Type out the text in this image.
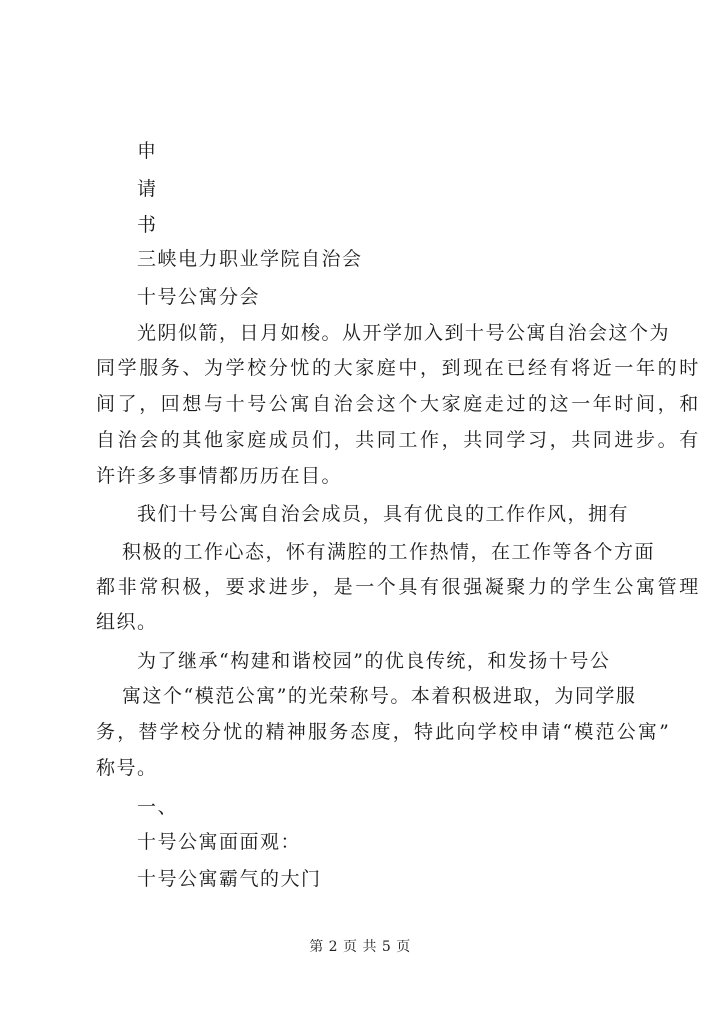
申
请
书
三峡电力职业学院自治会
十号公寓分会
光阴似箭，日月如梭。从开学加入到十号公寓自治会这个为
同学服务、为学校分忧的大家庭中，到现在已经有将近一年的时
间了，回想与十号公寓自治会这个大家庭走过的这一年时间，和
自治会的其他家庭成员们，共同工作，共同学习，共同进步。有
许许多多事情都历历在目。
我们十号公寓自治会成员，具有优良的工作作风，拥有
积极的工作心态，怀有满腔的工作热情，在工作等各个方面
都非常积极，要求进步，是一个具有很强凝聚力的学生公寓管理
组织。
为了继承“构建和谐校园”的优良传统，和发扬十号公
寓这个“模范公寓”的光荣称号。本着积极进取，为同学服
务，替学校分忧的精神服务态度，特此向学校申请“模范公寓”
称号。
一、
十号公寓面面观：
十号公寓霸气的大门
第 2 页 共 5 页
